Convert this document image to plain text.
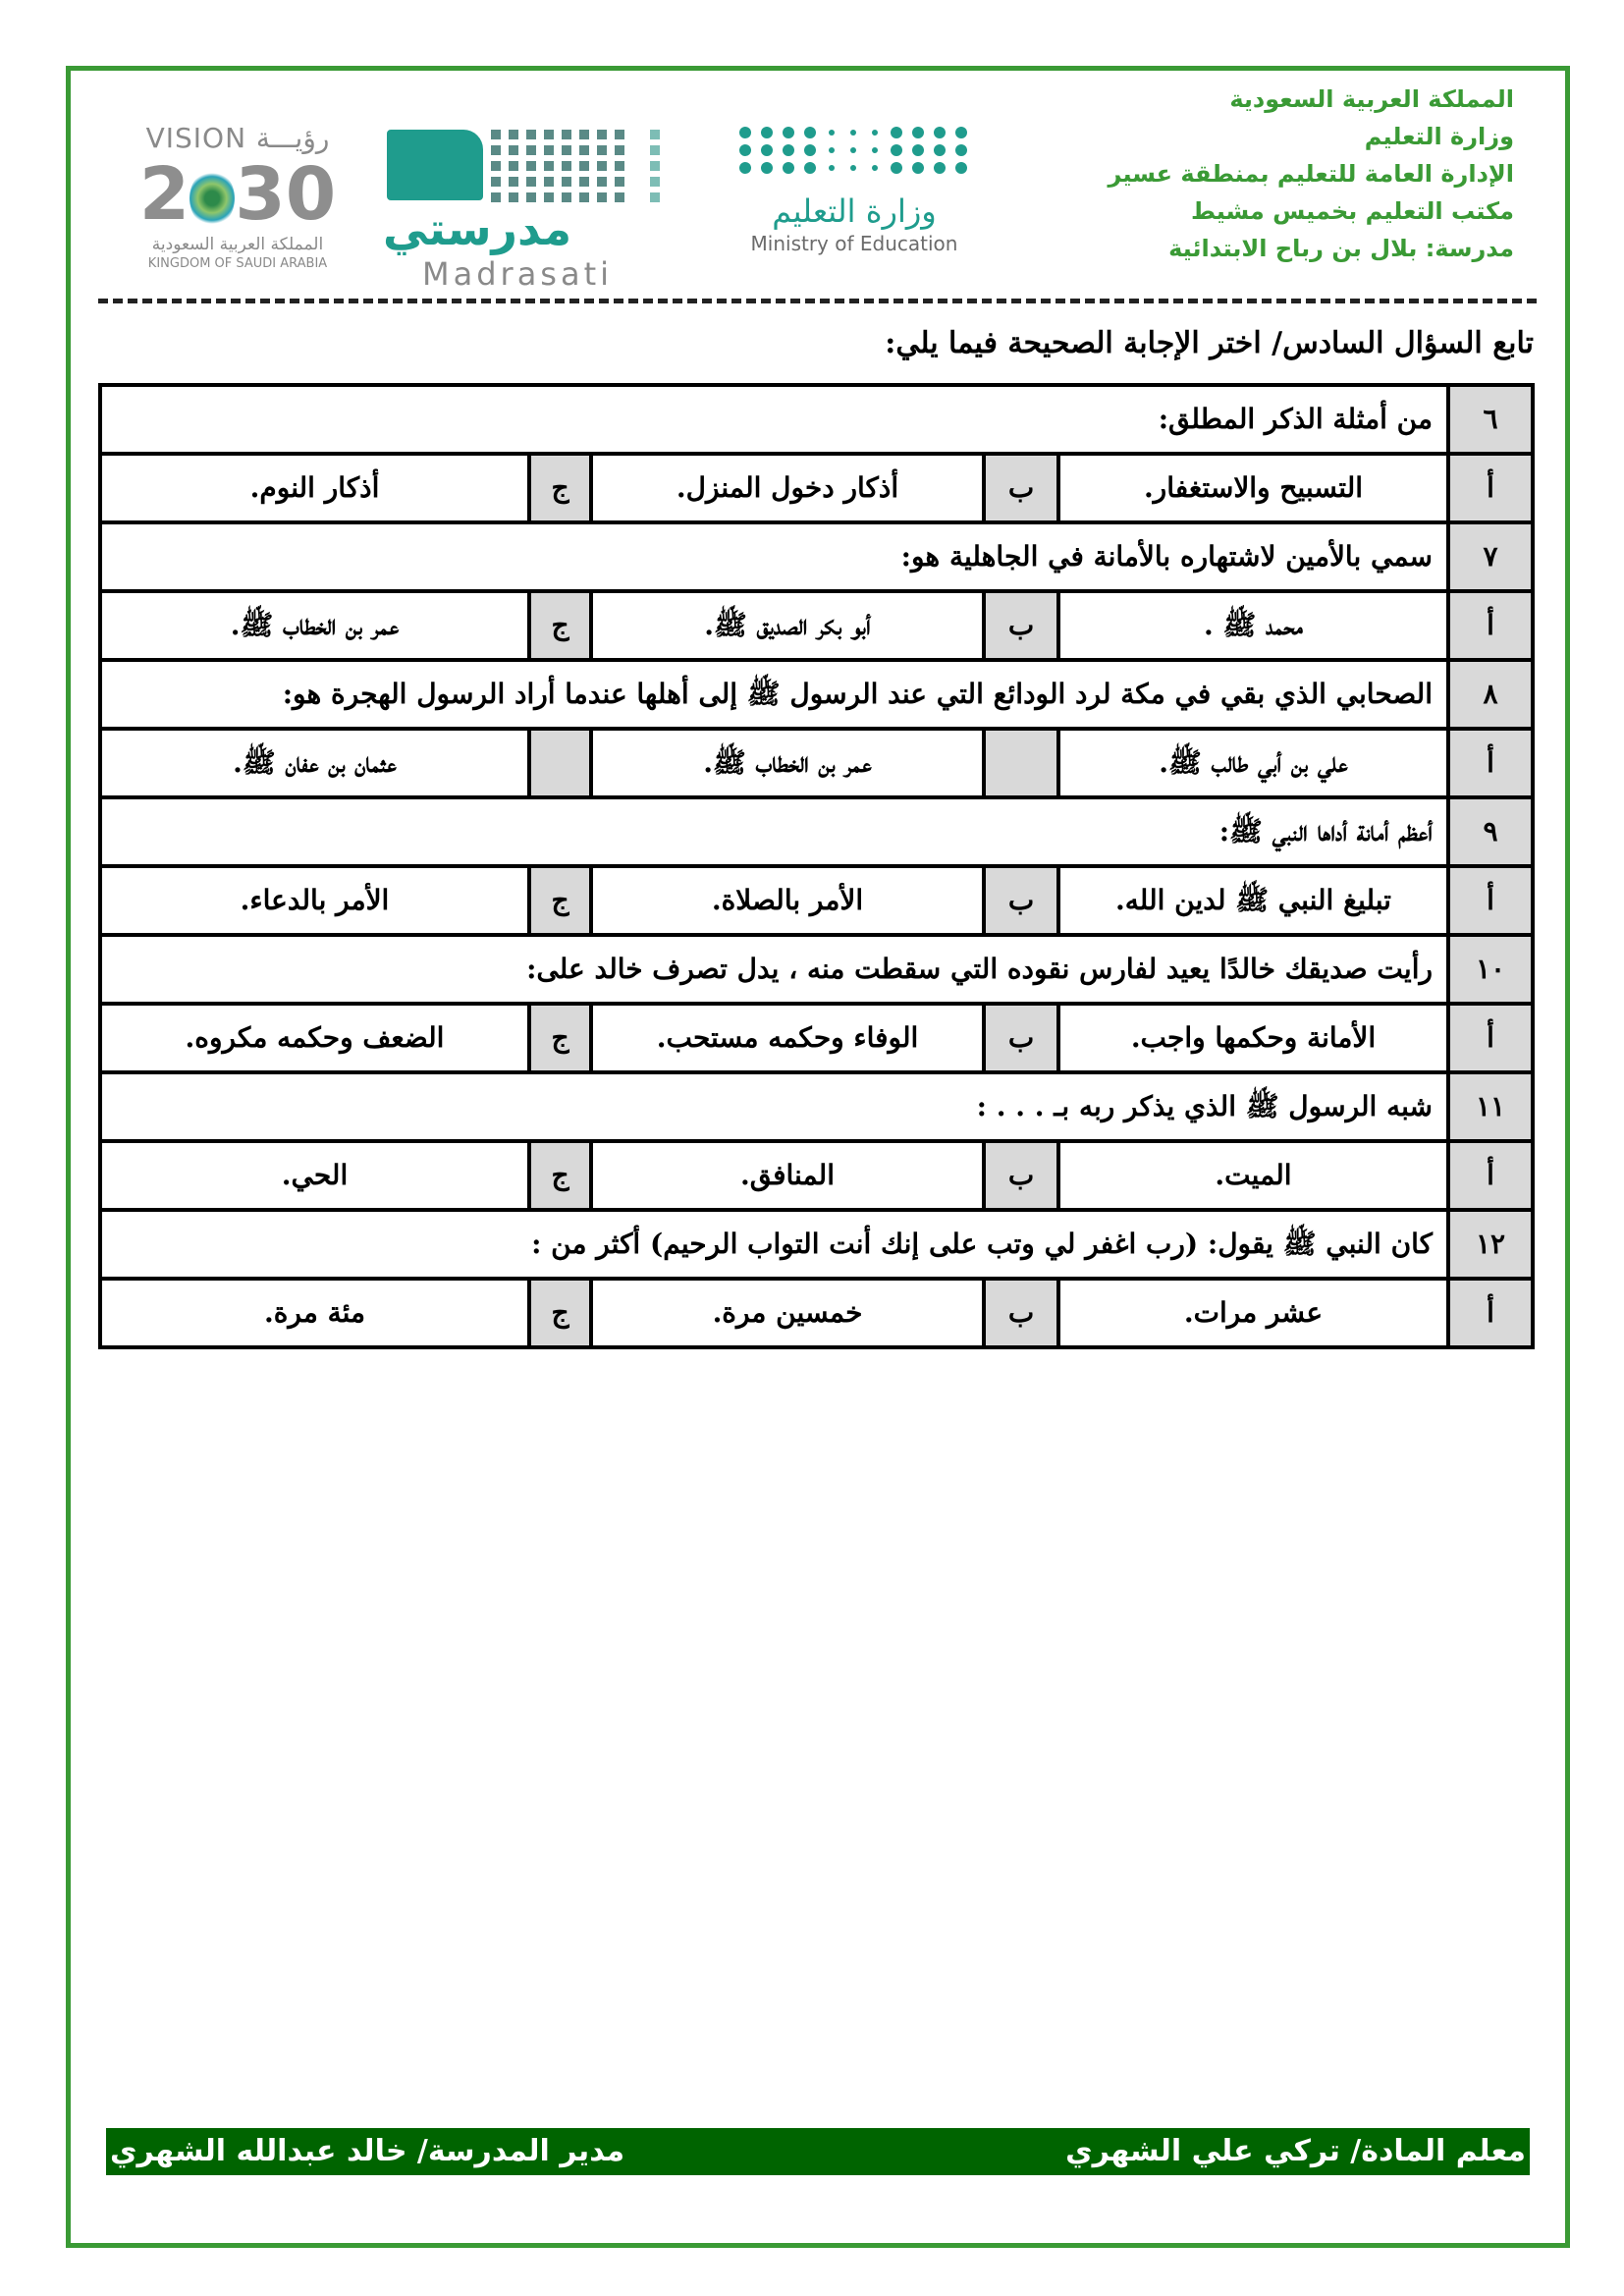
المملكة العربية السعودية
وزارة التعليم
الإدارة العامة للتعليم بمنطقة عسير
مكتب التعليم بخميس مشيط
مدرسة: بلال بن رباح الابتدائية
وزارة التعليم
Ministry of Education
مدرستي
Madrasati
VISION رؤيـــة
2 30
المملكة العربية السعودية
KINGDOM OF SAUDI ARABIA
تابع السؤال السادس/ اختر الإجابة الصحيحة فيما يلي:
٦	من أمثلة الذكر المطلق:				
أ	التسبيح والاستغفار.	ب	أذكار دخول المنزل.	ج	أذكار النوم.
٧	سمي بالأمين لاشتهاره بالأمانة في الجاهلية هو:				
أ	محمد ﷺ .	ب	أبو بكر الصديق ﷺ.	ج	عمر بن الخطاب ﷺ.
٨	الصحابي الذي بقي في مكة لرد الودائع التي عند الرسول ﷺ إلى أهلها عندما أراد الرسول الهجرة هو:				
أ	علي بن أبي طالب ﷺ.		عمر بن الخطاب ﷺ.		عثمان بن عفان ﷺ.
٩	أعظم أمانة أداها النبي ﷺ:				
أ	تبليغ النبي ﷺ لدين الله.	ب	الأمر بالصلاة.	ج	الأمر بالدعاء.
١٠	رأيت صديقك خالدًا يعيد لفارس نقوده التي سقطت منه ، يدل تصرف خالد على:				
أ	الأمانة وحكمها واجب.	ب	الوفاء وحكمه مستحب.	ج	الضعف وحكمه مكروه.
١١	شبه الرسول ﷺ الذي يذكر ربه بـ . . . :				
أ	الميت.	ب	المنافق.	ج	الحي.
١٢	كان النبي ﷺ يقول: (رب اغفر لي وتب على إنك أنت التواب الرحيم) أكثر من :				
أ	عشر مرات.	ب	خمسين مرة.	ج	مئة مرة.
معلم المادة/ تركي علي الشهري
مدير المدرسة/ خالد عبدالله الشهري
